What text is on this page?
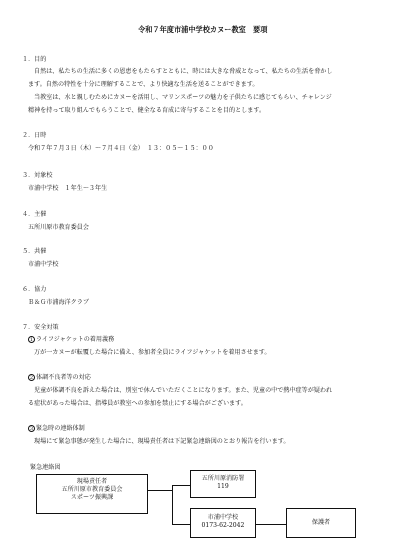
令和７年度市浦中学校カヌー教室　要項
１．目的
自然は、私たちの生活に多くの恩恵をもたらすとともに、時には大きな脅威となって、私たちの生活を脅かし
ます。自然の特性を十分に理解することで、より快適な生活を送ることができます。
当教室は、水と親しむためにカヌーを活用し、マリンスポーツの魅力を子供たちに感じてもらい、チャレンジ
精神を持って取り組んでもらうことで、健全なる育成に寄与することを目的とします。
２．日時
令和７年７月３日（木）～７月４日（金）　１３：０５～１５：００
３．対象校
市浦中学校　１年生～３年生
４．主催
五所川原市教育委員会
５．共催
市浦中学校
６．協力
Ｂ＆Ｇ市浦海洋クラブ
７．安全対策
1 ライフジャケットの着用義務
万が一カヌーが転覆した場合に備え、参加者全員にライフジャケットを着用させます。
2 体調不良者等の対応
児童が体調不良を訴えた場合は、別室で休んでいただくことになります。また、児童の中で熱中症等が疑われ
る症状があった場合は、指導員が教室への参加を禁止にする場合がございます。
3 緊急時の連絡体制
現場にて緊急事態が発生した場合に、現場責任者は下記緊急連絡図のとおり報告を行います。
緊急連絡図
現場責任者
五所川原市教育委員会
スポーツ振興課
五所川原消防署
119
市浦中学校
0173-62-2042	保護者
